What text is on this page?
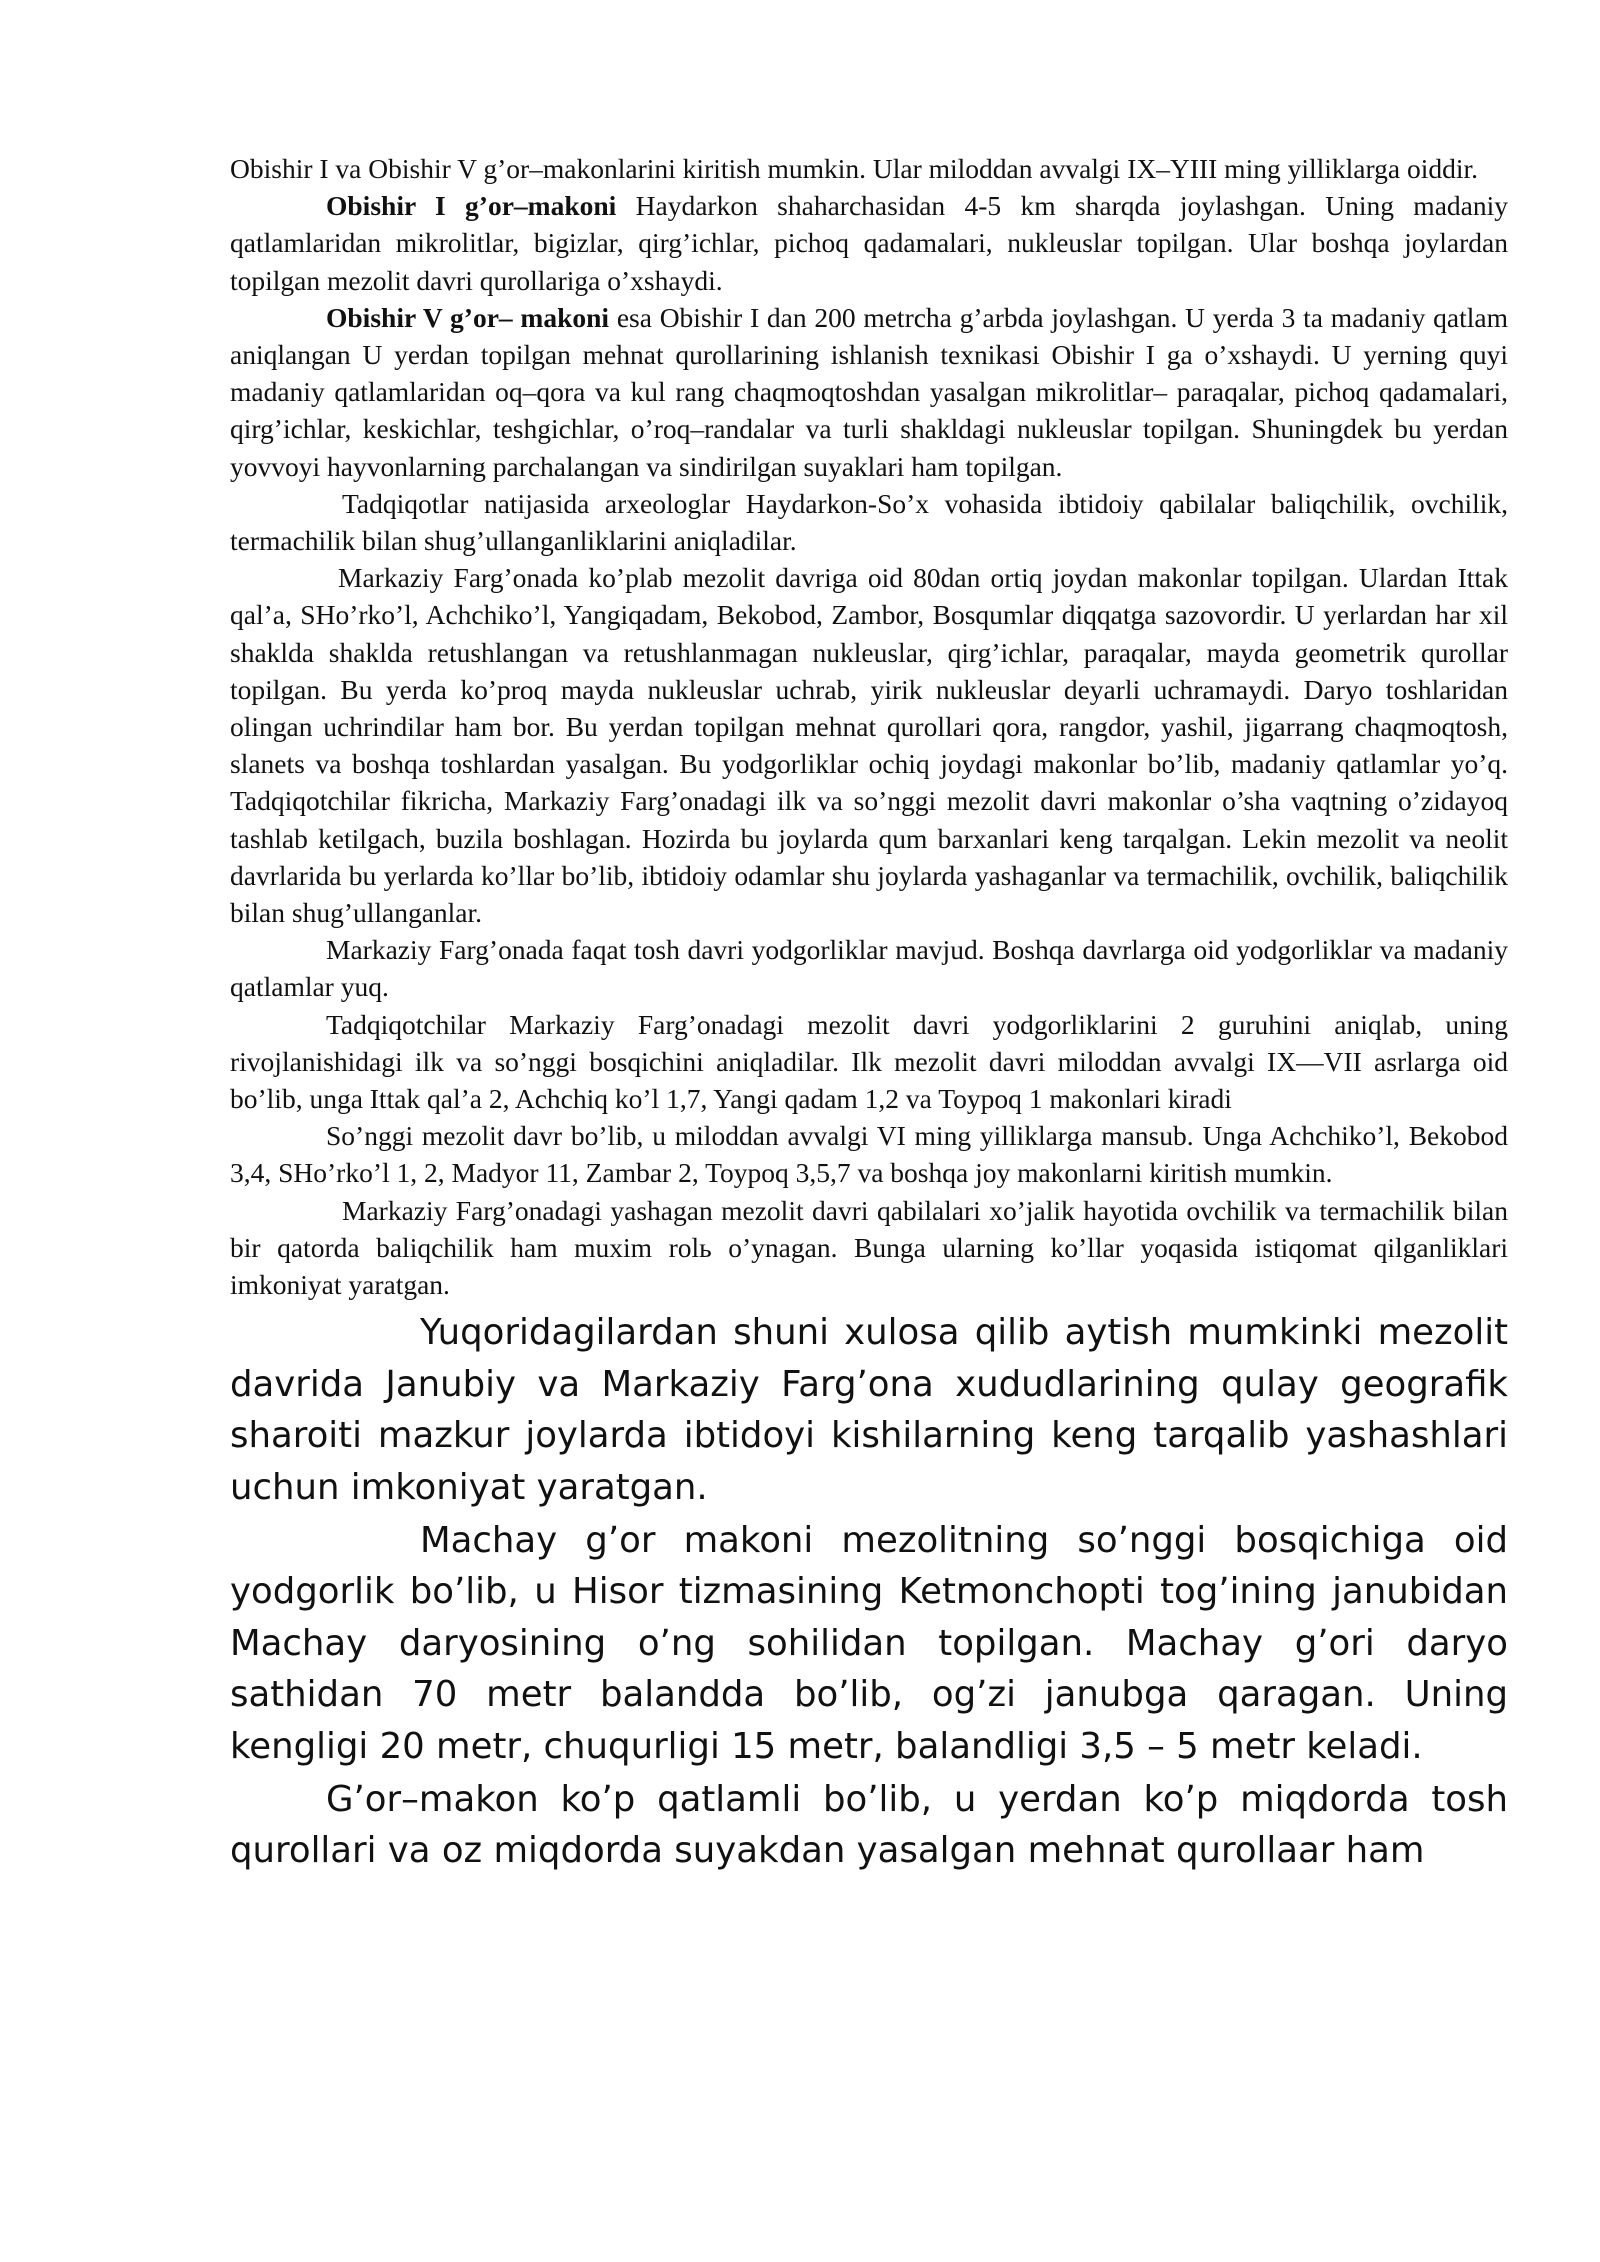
Obishir I va Obishir V g’or–makonlarini kiritish mumkin. Ular miloddan avvalgi IX–YIII ming yilliklarga oiddir.

Obishir I g’or–makoni Haydarkon shaharchasidan 4-5 km sharqda joylashgan. Uning madaniy qatlamlaridan mikrolitlar, bigizlar, qirg’ichlar, pichoq qadamalari, nukleuslar topilgan. Ular boshqa joylardan topilgan mezolit davri qurollariga o’xshaydi.

Obishir V g’or– makoni esa Obishir I dan 200 metrcha g’arbda joylashgan. U yerda 3 ta madaniy qatlam aniqlangan U yerdan topilgan mehnat qurollarining ishlanish texnikasi Obishir I ga o’xshaydi. U yerning quyi madaniy qatlamlaridan oq–qora va kul rang chaqmoqtoshdan yasalgan mikrolitlar– paraqalar, pichoq qadamalari, qirg’ichlar, keskichlar, teshgichlar, o’roq–randalar va turli shakldagi nukleuslar topilgan. Shuningdek bu yerdan yovvoyi hayvonlarning parchalangan va sindirilgan suyaklari ham topilgan.

Tadqiqotlar natijasida arxeologlar Haydarkon-So’x vohasida ibtidoiy qabilalar baliqchilik, ovchilik, termachilik bilan shug’ullanganliklarini aniqladilar.

Markaziy Farg’onada ko’plab mezolit davriga oid 80dan ortiq joydan makonlar topilgan. Ulardan Ittak qal’a, SHo’rko’l, Achchiko’l, Yangiqadam, Bekobod, Zambor, Bosqumlar diqqatga sazovordir. U yerlardan har xil shaklda shaklda retushlangan va retushlanmagan nukleuslar, qirg’ichlar, paraqalar, mayda geometrik qurollar topilgan. Bu yerda ko’proq mayda nukleuslar uchrab, yirik nukleuslar deyarli uchramaydi. Daryo toshlaridan olingan uchrindilar ham bor. Bu yerdan topilgan mehnat qurollari qora, rangdor, yashil, jigarrang chaqmoqtosh, slanets va boshqa toshlardan yasalgan. Bu yodgorliklar ochiq joydagi makonlar bo’lib, madaniy qatlamlar yo’q. Tadqiqotchilar fikricha, Markaziy Farg’onadagi ilk va so’nggi mezolit davri makonlar o’sha vaqtning o’zidayoq tashlab ketilgach, buzila boshlagan. Hozirda bu joylarda qum barxanlari keng tarqalgan. Lekin mezolit va neolit davrlarida bu yerlarda ko’llar bo’lib, ibtidoiy odamlar shu joylarda yashaganlar va termachilik, ovchilik, baliqchilik bilan shug’ullanganlar.

Markaziy Farg’onada faqat tosh davri yodgorliklar mavjud. Boshqa davrlarga oid yodgorliklar va madaniy qatlamlar yuq.

Tadqiqotchilar Markaziy Farg’onadagi mezolit davri yodgorliklarini 2 guruhini aniqlab, uning rivojlanishidagi ilk va so’nggi bosqichini aniqladilar. Ilk mezolit davri miloddan avvalgi IX—VII asrlarga oid bo’lib, unga Ittak qal’a 2, Achchiq ko’l 1,7, Yangi qadam 1,2 va Toypoq 1 makonlari kiradi

So’nggi mezolit davr bo’lib, u miloddan avvalgi VI ming yilliklarga mansub. Unga Achchiko’l, Bekobod 3,4, SHo’rko’l 1, 2, Madyor 11, Zambar 2, Toypoq 3,5,7 va boshqa joy makonlarni kiritish mumkin.

Markaziy Farg’onadagi yashagan mezolit davri qabilalari xo’jalik hayotida ovchilik va termachilik bilan bir qatorda baliqchilik ham muxim rolь o’ynagan. Bunga ularning ko’llar yoqasida istiqomat qilganliklari imkoniyat yaratgan.

Yuqoridagilardan shuni xulosa qilib aytish mumkinki mezolit davrida Janubiy va Markaziy Farg’ona xududlarining qulay geografik sharoiti mazkur joylarda ibtidoyi kishilarning keng tarqalib yashashlari uchun imkoniyat yaratgan.

Machay g’or makoni mezolitning so’nggi bosqichiga oid yodgorlik bo’lib, u Hisor tizmasining Ketmonchopti tog’ining janubidan Machay daryosining o’ng sohilidan topilgan. Machay g’ori daryo sathidan 70 metr balandda bo’lib, og’zi janubga qaragan. Uning kengligi 20 metr, chuqurligi 15 metr, balandligi 3,5 – 5 metr keladi.

G’or–makon ko’p qatlamli bo’lib, u yerdan ko’p miqdorda tosh qurollari va oz miqdorda suyakdan yasalgan mehnat qurollaar ham
